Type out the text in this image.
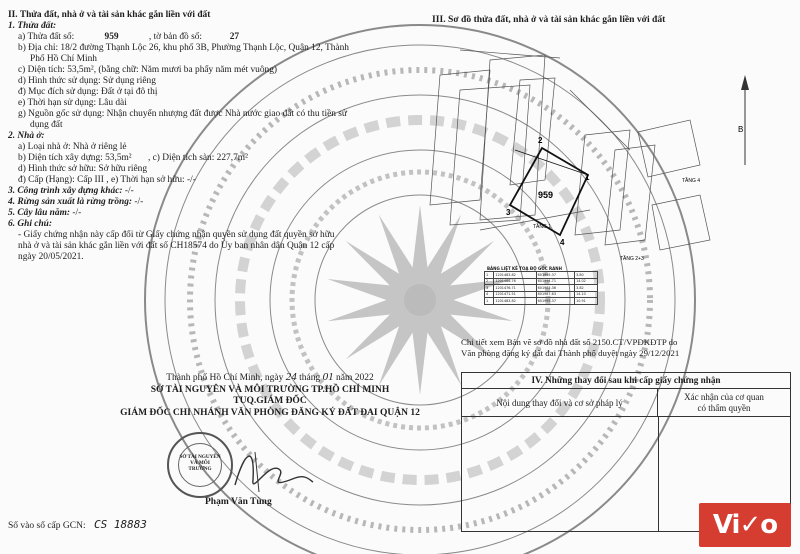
II. Thửa đất, nhà ở và tài sản khác gắn liền với đất
1. Thửa đất:
a) Thửa đất số:	959	, tờ bản đồ số:	27
b) Địa chỉ: 18/2 đường Thạnh Lộc 26, khu phố 3B, Phường Thạnh Lộc, Quận 12, Thành
Phố Hồ Chí Minh
c) Diện tích: 53,5m², (bằng chữ: Năm mươi ba phẩy năm mét vuông)
d) Hình thức sử dụng: Sử dụng riêng
đ) Mục đích sử dụng: Đất ở tại đô thị
e) Thời hạn sử dụng: Lâu dài
g) Nguồn gốc sử dụng: Nhận chuyển nhượng đất được Nhà nước giao đất có thu tiền sử
dụng đất
2. Nhà ở:
a) Loại nhà ở: Nhà ở riêng lẻ
b) Diện tích xây dựng: 53,5m² , c) Diện tích sàn: 227,7m²
d) Hình thức sở hữu: Sở hữu riêng
đ) Cấp (Hạng): Cấp III , e) Thời hạn sở hữu: -/-
3. Công trình xây dựng khác: -/-
4. Rừng sản xuất là rừng trồng: -/-
5. Cây lâu năm: -/-
6. Ghi chú:
- Giấy chứng nhận này cấp đổi từ Giấy chứng nhận quyền sử dụng đất quyền sở hữu
nhà ở và tài sản khác gắn liền với đất số CH18574 do Ủy ban nhân dân Quận 12 cấp
ngày 20/05/2021.
Thành phố Hồ Chí Minh, ngày 24 tháng 01 năm 2022
SỞ TÀI NGUYÊN VÀ MÔI TRƯỜNG TP.HỒ CHÍ MINH
TUQ.GIÁM ĐỐC
GIÁM ĐỐC CHI NHÁNH VĂN PHÒNG ĐĂNG KÝ ĐẤT ĐAI QUẬN 12
SỞ TÀI NGUYÊN VÀ MÔI TRƯỜNG
Phạm Văn Tùng
Số vào sổ cấp GCN: CS 18883
III. Sơ đồ thửa đất, nhà ở và tài sản khác gắn liền với đất
959
1
2
3
4
TẦNG 1
TẦNG 2+3
TẦNG 4
B
BẢNG LIỆT KÊ TOẠ ĐỘ GÓC RANH
1	1201483.82	601995.37	3.80
2	1201486.76	601994.71	14.02
3	1201476.71	601985.36	3.82
4	1201471.51	601987.63	14.10
1	1201483.82	601995.37	10.91
Chi tiết xem Bản vẽ sơ đồ nhà đất số 2150.CT/VPĐKĐTP do
Văn phòng đăng ký đất đai Thành phố duyệt ngày 29/12/2021
IV. Những thay đổi sau khi cấp giấy chứng nhận
Nội dung thay đổi và cơ sở pháp lý
Xác nhận của cơ quan
có thẩm quyền
Vi✓o
